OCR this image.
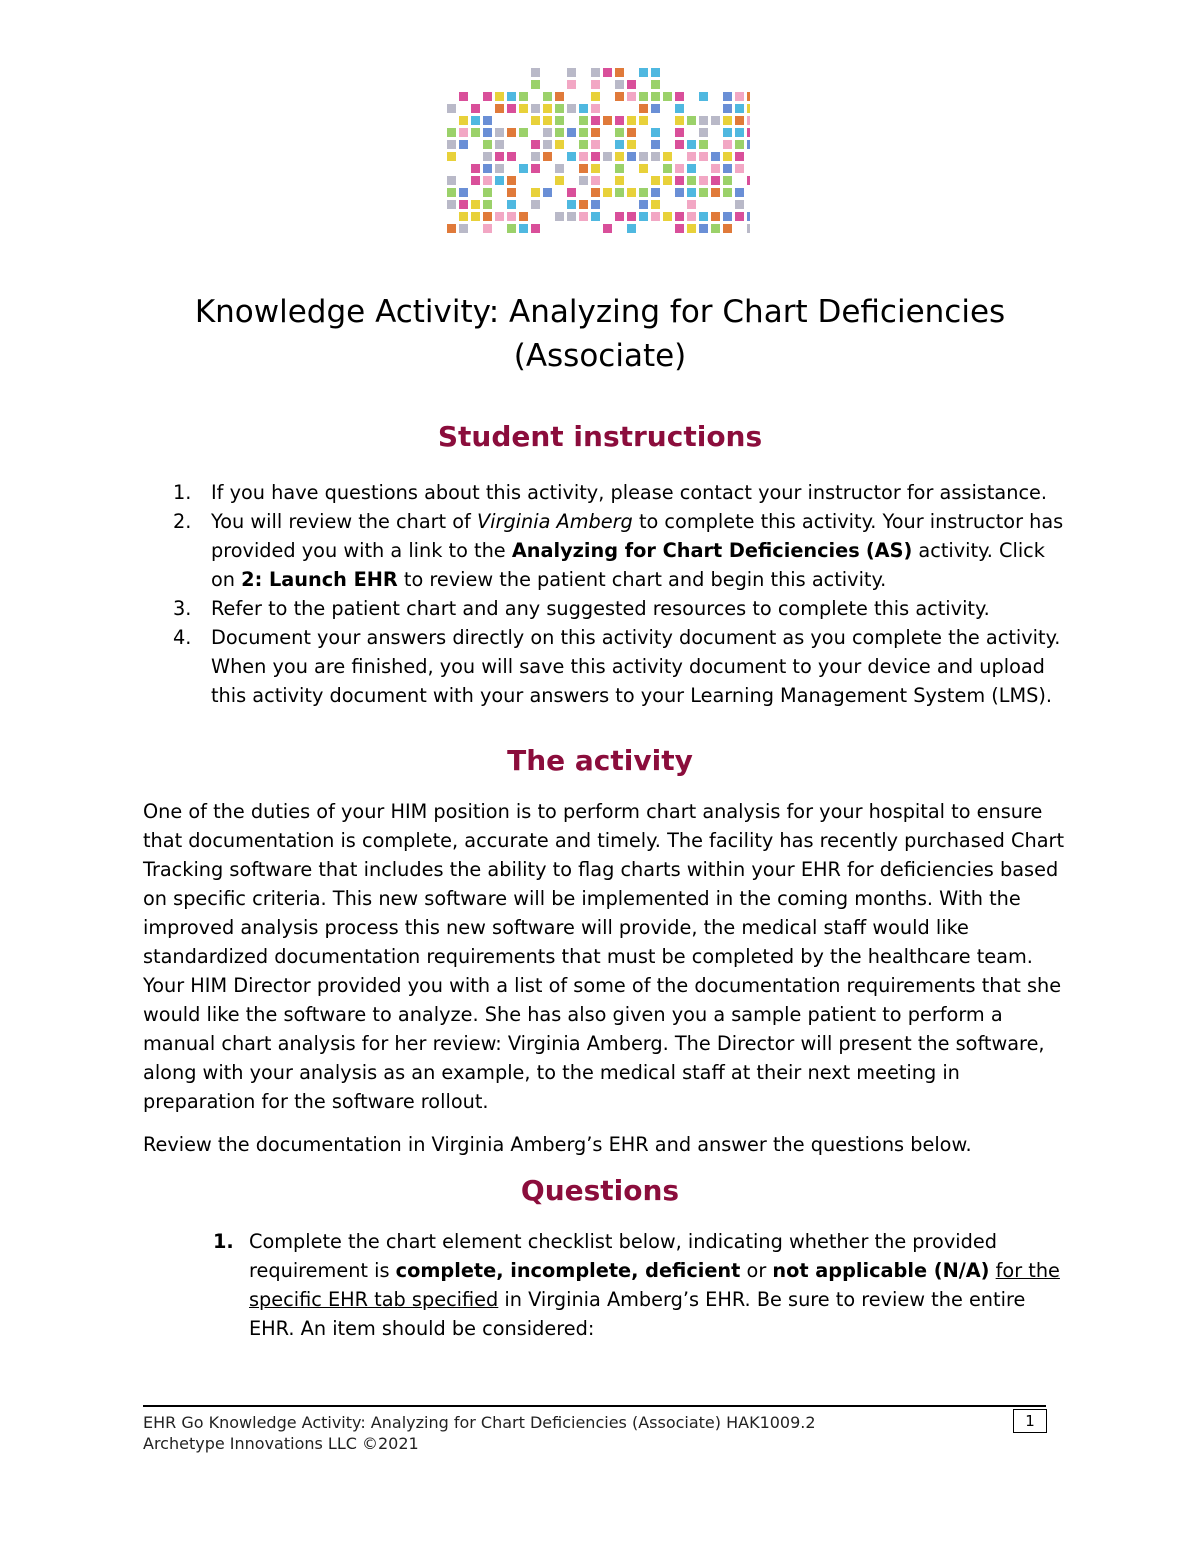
Knowledge Activity: Analyzing for Chart Deficiencies
(Associate)
Student instructions
1. If you have questions about this activity, please contact your instructor for assistance.
2. You will review the chart of Virginia Amberg to complete this activity. Your instructor has provided you with a link to the Analyzing for Chart Deficiencies (AS) activity. Click on 2: Launch EHR to review the patient chart and begin this activity.
3. Refer to the patient chart and any suggested resources to complete this activity.
4. Document your answers directly on this activity document as you complete the activity. When you are finished, you will save this activity document to your device and upload this activity document with your answers to your Learning Management System (LMS).
The activity
One of the duties of your HIM position is to perform chart analysis for your hospital to ensure that documentation is complete, accurate and timely. The facility has recently purchased Chart Tracking software that includes the ability to flag charts within your EHR for deficiencies based on specific criteria. This new software will be implemented in the coming months. With the improved analysis process this new software will provide, the medical staff would like standardized documentation requirements that must be completed by the healthcare team. Your HIM Director provided you with a list of some of the documentation requirements that she would like the software to analyze. She has also given you a sample patient to perform a manual chart analysis for her review: Virginia Amberg. The Director will present the software, along with your analysis as an example, to the medical staff at their next meeting in preparation for the software rollout.
Review the documentation in Virginia Amberg’s EHR and answer the questions below.
Questions
1. Complete the chart element checklist below, indicating whether the provided requirement is complete, incomplete, deficient or not applicable (N/A) for the specific EHR tab specified in Virginia Amberg’s EHR. Be sure to review the entire EHR. An item should be considered:
EHR Go Knowledge Activity: Analyzing for Chart Deficiencies (Associate) HAK1009.2
Archetype Innovations LLC ©2021
1
